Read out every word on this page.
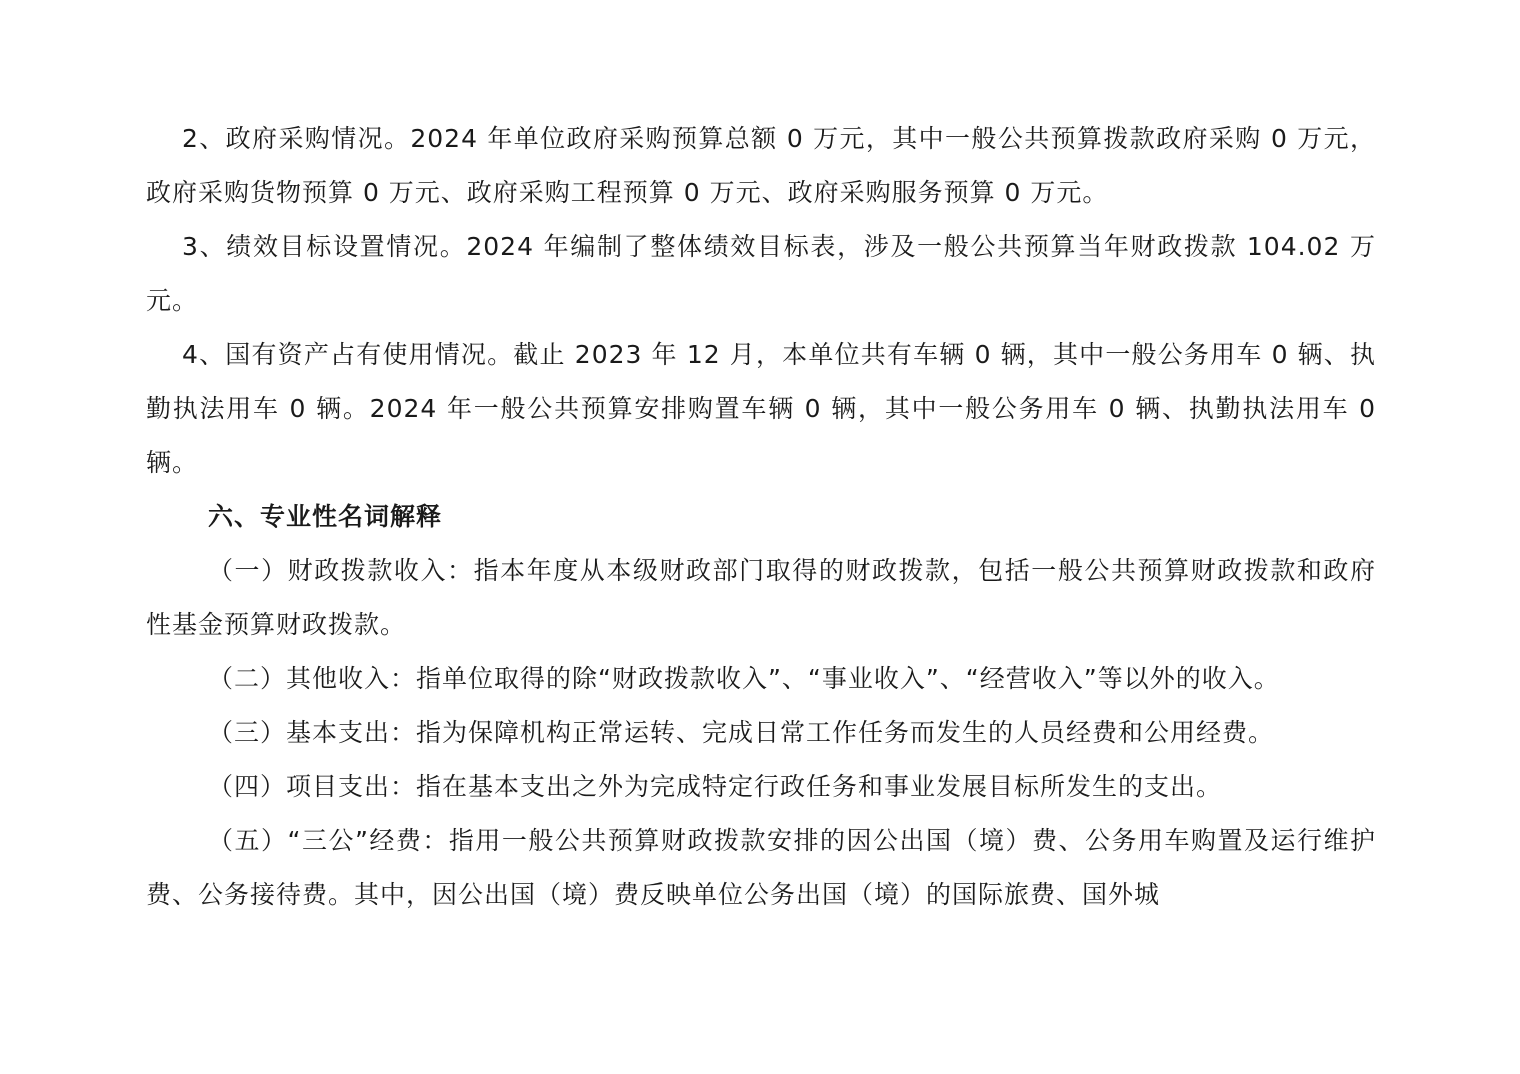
2、政府采购情况。2024 年单位政府采购预算总额 0 万元，其中一般公共预算拨款政府采购 0 万元，政府采购货物预算 0 万元、政府采购工程预算 0 万元、政府采购服务预算 0 万元。

3、绩效目标设置情况。2024 年编制了整体绩效目标表，涉及一般公共预算当年财政拨款 104.02 万元。

4、国有资产占有使用情况。截止 2023 年 12 月，本单位共有车辆 0 辆，其中一般公务用车 0 辆、执勤执法用车 0 辆。2024 年一般公共预算安排购置车辆 0 辆，其中一般公务用车 0 辆、执勤执法用车 0 辆。

六、专业性名词解释

（一）财政拨款收入：指本年度从本级财政部门取得的财政拨款，包括一般公共预算财政拨款和政府性基金预算财政拨款。

（二）其他收入：指单位取得的除“财政拨款收入”、“事业收入”、“经营收入”等以外的收入。

（三）基本支出：指为保障机构正常运转、完成日常工作任务而发生的人员经费和公用经费。

（四）项目支出：指在基本支出之外为完成特定行政任务和事业发展目标所发生的支出。

（五）“三公”经费：指用一般公共预算财政拨款安排的因公出国（境）费、公务用车购置及运行维护费、公务接待费。其中，因公出国（境）费反映单位公务出国（境）的国际旅费、国外城
